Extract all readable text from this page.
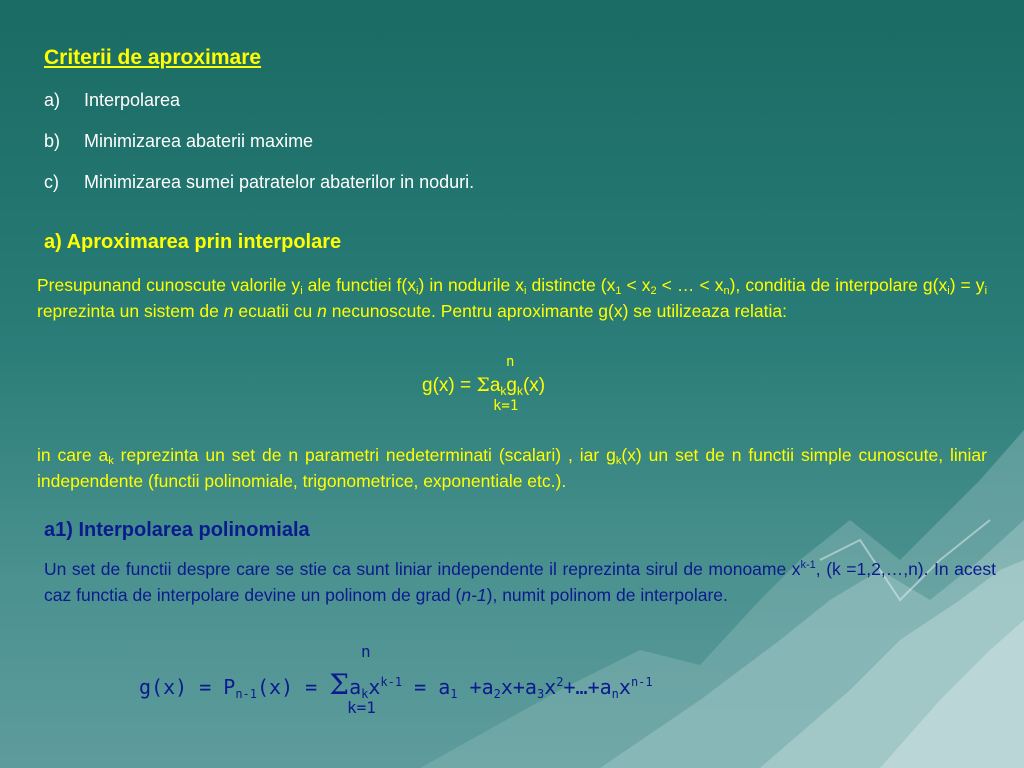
Criterii de aproximare
a)	Interpolarea
b)	Minimizarea abaterii maxime
c)	Minimizarea sumei patratelor abaterilor in noduri.
a) Aproximarea prin interpolare

Presupunand cunoscute valorile $y_i$ ale functiei $f(x_i)$ in nodurile $x_i$ distincte ($x_1 < x_2$ < … < $x_n$), conditia de interpolare $g(x_i) = y_i$ reprezinta un sistem de n ecuatii cu n necunoscute. Pentru aproximante g(x) se utilizeaza relatia:

$g(x) = \Sigma a_kg_k(x)$
n
k=1

in care $a_k$ reprezinta un set de n parametri nedeterminati (scalari) , iar $g_k(x)$ un set de n functii simple cunoscute, liniar independente (functii polinomiale, trigonometrice, exponentiale etc.).

a1) Interpolarea polinomiala

Un set de functii despre care se stie ca sunt liniar independente il reprezinta sirul de monoame $x^{k-1}$, (k =1,2,…,n). In acest caz functia de interpolare devine un polinom de grad (n-1), numit polinom de interpolare.

$g(x) = P_{n-1}(x) = \Sigma a_kx^{k-1} = a_1$ $+a_2x+a_3x^2+\dots+a_nx^{n-1}$
n
k=1
